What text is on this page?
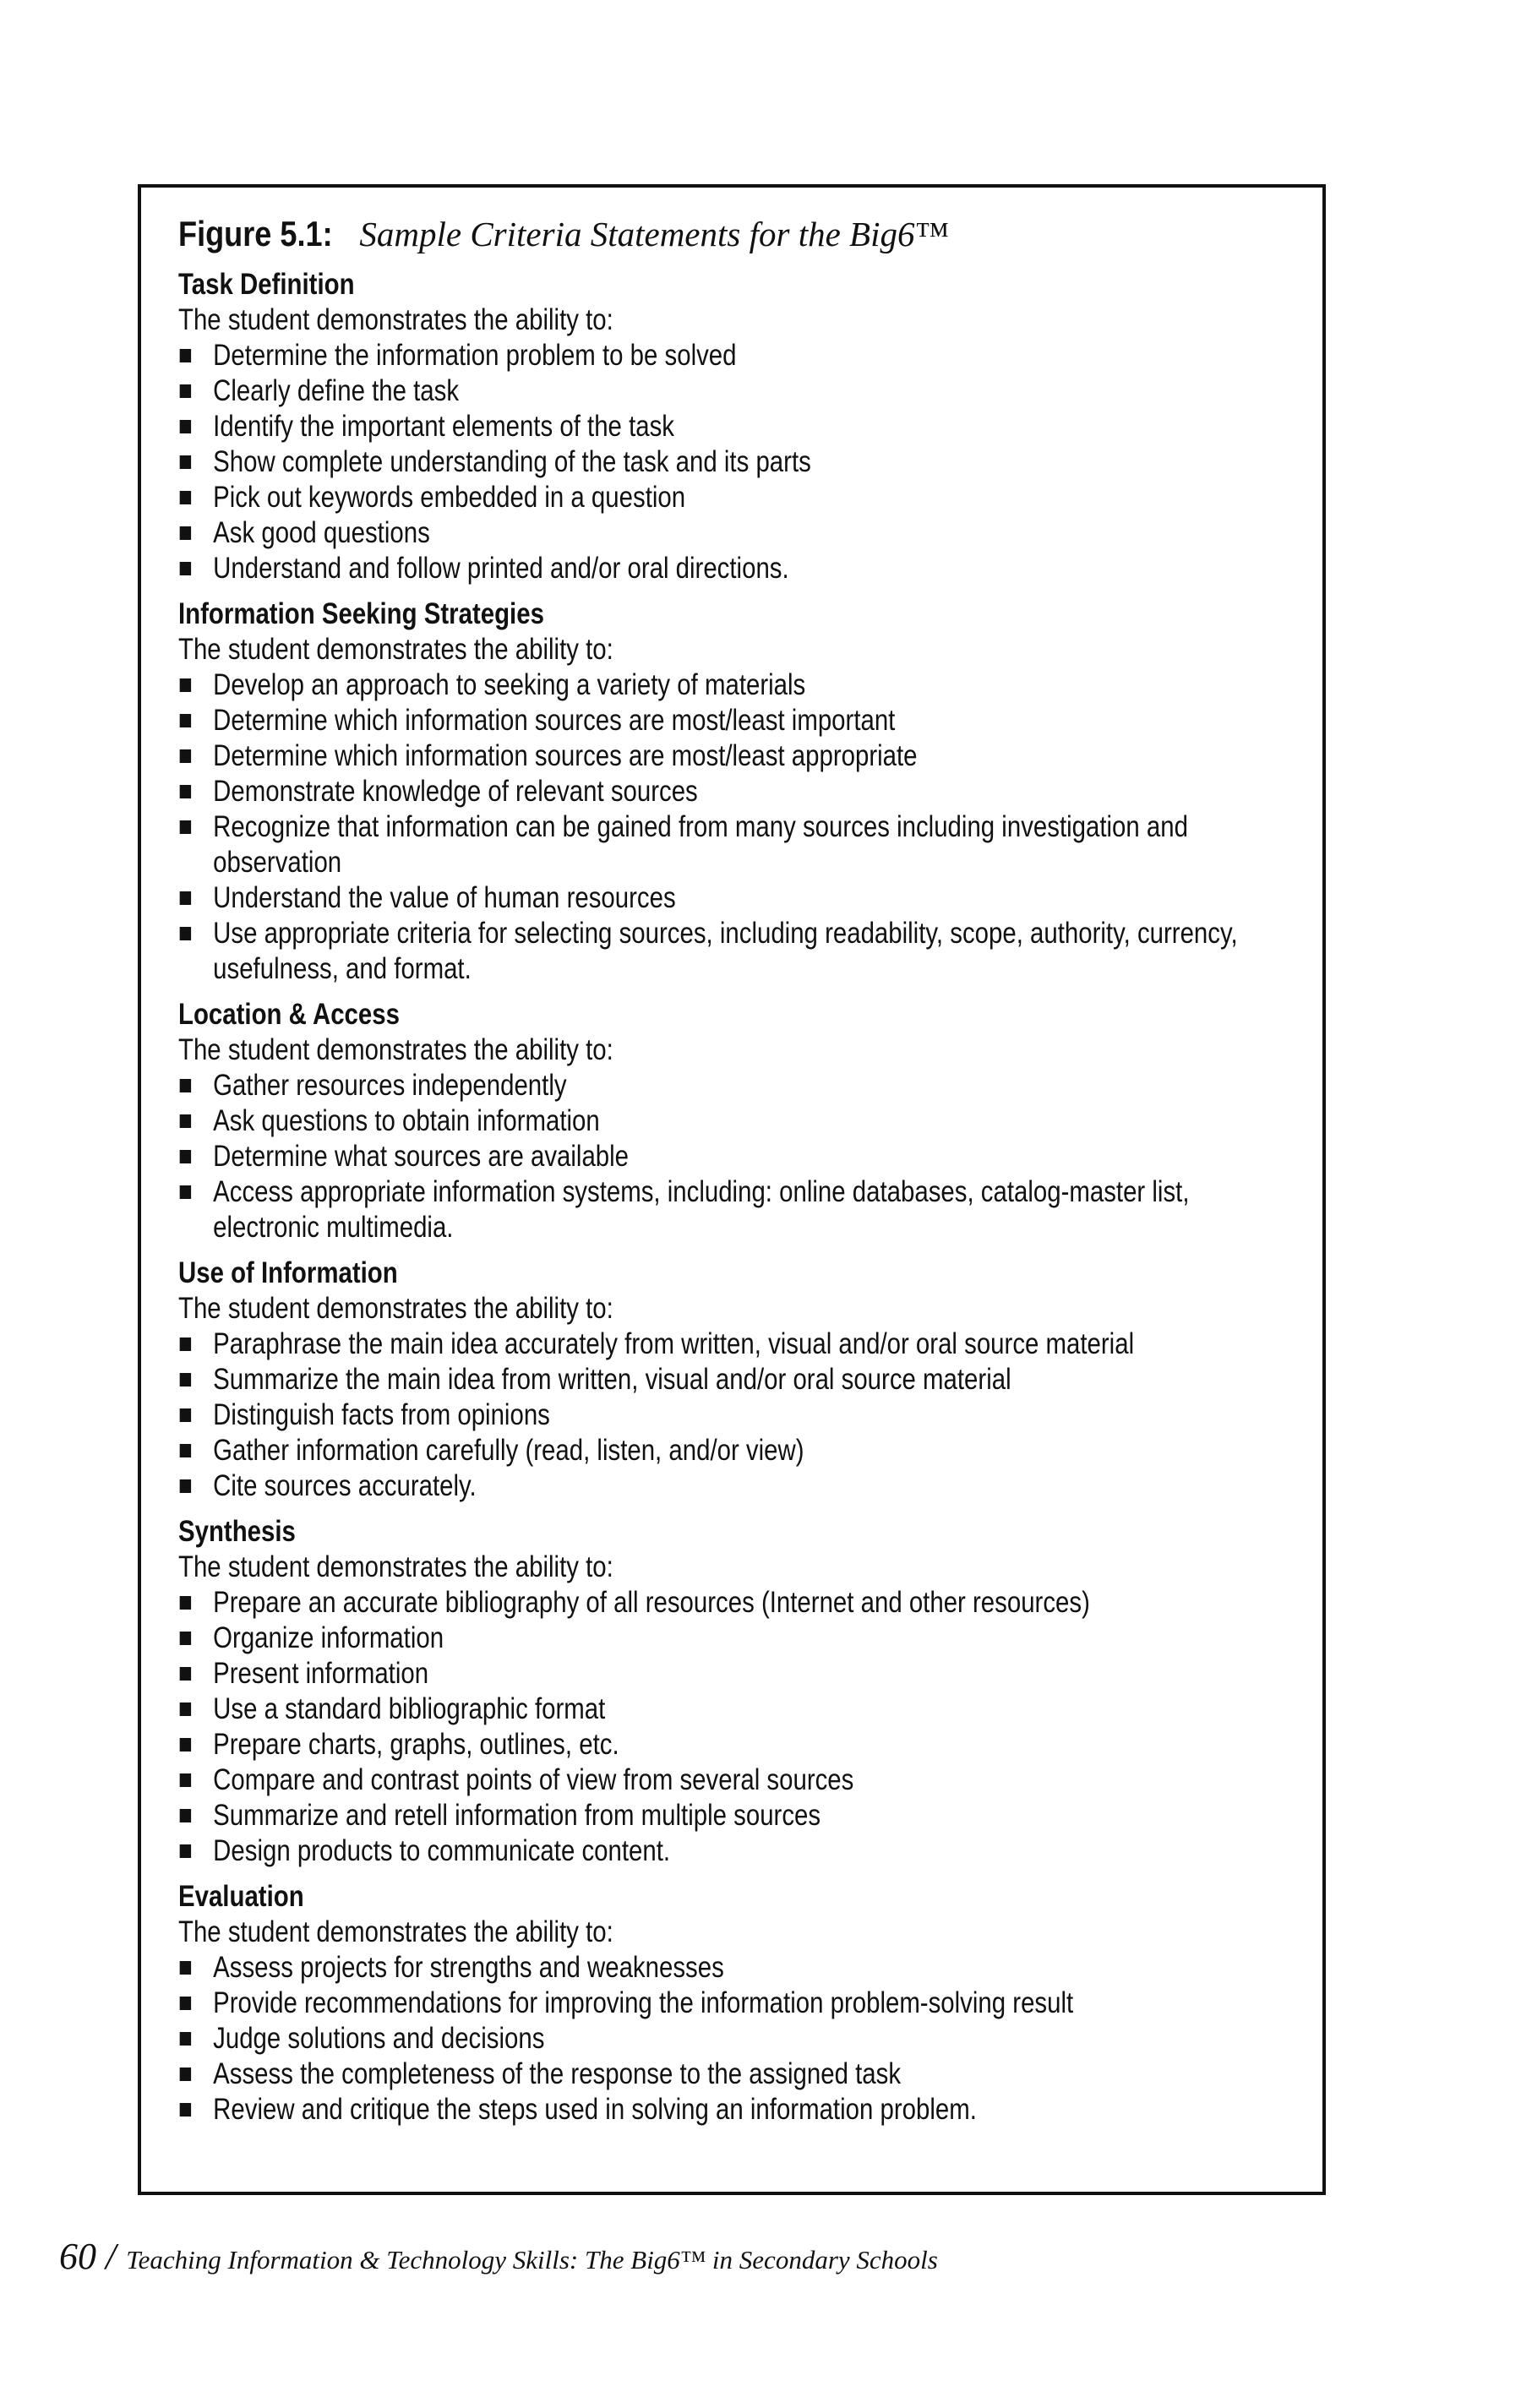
Figure 5.1: Sample Criteria Statements for the Big6™
Task Definition
The student demonstrates the ability to:
Determine the information problem to be solved
Clearly define the task
Identify the important elements of the task
Show complete understanding of the task and its parts
Pick out keywords embedded in a question
Ask good questions
Understand and follow printed and/or oral directions.
Information Seeking Strategies
The student demonstrates the ability to:
Develop an approach to seeking a variety of materials
Determine which information sources are most/least important
Determine which information sources are most/least appropriate
Demonstrate knowledge of relevant sources
Recognize that information can be gained from many sources including investigation and observation
Understand the value of human resources
Use appropriate criteria for selecting sources, including readability, scope, authority, currency, usefulness, and format.
Location & Access
The student demonstrates the ability to:
Gather resources independently
Ask questions to obtain information
Determine what sources are available
Access appropriate information systems, including: online databases, catalog-master list, electronic multimedia.
Use of Information
The student demonstrates the ability to:
Paraphrase the main idea accurately from written, visual and/or oral source material
Summarize the main idea from written, visual and/or oral source material
Distinguish facts from opinions
Gather information carefully (read, listen, and/or view)
Cite sources accurately.
Synthesis
The student demonstrates the ability to:
Prepare an accurate bibliography of all resources (Internet and other resources)
Organize information
Present information
Use a standard bibliographic format
Prepare charts, graphs, outlines, etc.
Compare and contrast points of view from several sources
Summarize and retell information from multiple sources
Design products to communicate content.
Evaluation
The student demonstrates the ability to:
Assess projects for strengths and weaknesses
Provide recommendations for improving the information problem-solving result
Judge solutions and decisions
Assess the completeness of the response to the assigned task
Review and critique the steps used in solving an information problem.
60 / Teaching Information & Technology Skills: The Big6™ in Secondary Schools
